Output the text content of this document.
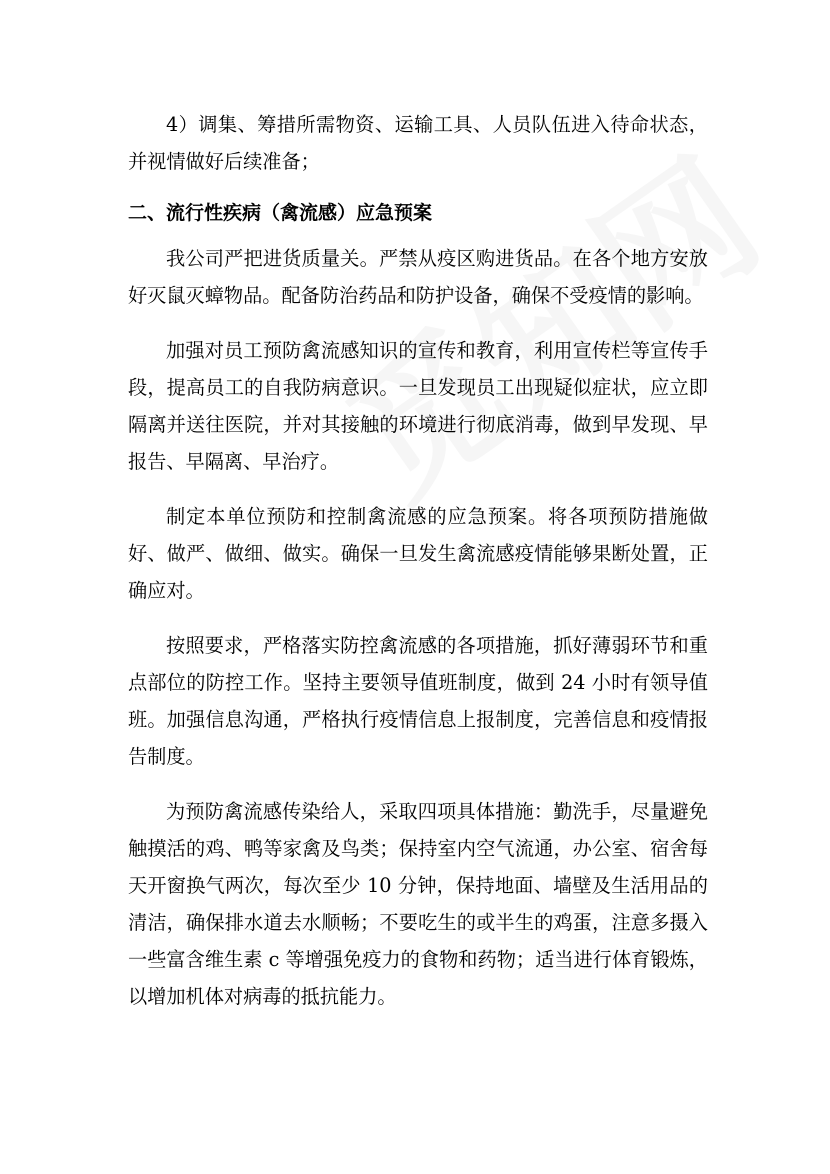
4）调集、筹措所需物资、运输工具、人员队伍进入待命状态，并视情做好后续准备；

二、流行性疾病（禽流感）应急预案

我公司严把进货质量关。严禁从疫区购进货品。在各个地方安放好灭鼠灭蟑物品。配备防治药品和防护设备，确保不受疫情的影响。

加强对员工预防禽流感知识的宣传和教育，利用宣传栏等宣传手段，提高员工的自我防病意识。一旦发现员工出现疑似症状，应立即隔离并送往医院，并对其接触的环境进行彻底消毒，做到早发现、早报告、早隔离、早治疗。

制定本单位预防和控制禽流感的应急预案。将各项预防措施做好、做严、做细、做实。确保一旦发生禽流感疫情能够果断处置，正确应对。

按照要求，严格落实防控禽流感的各项措施，抓好薄弱环节和重点部位的防控工作。坚持主要领导值班制度，做到 24 小时有领导值班。加强信息沟通，严格执行疫情信息上报制度，完善信息和疫情报告制度。

为预防禽流感传染给人，采取四项具体措施：勤洗手，尽量避免触摸活的鸡、鸭等家禽及鸟类；保持室内空气流通，办公室、宿舍每天开窗换气两次，每次至少 10 分钟，保持地面、墙壁及生活用品的清洁，确保排水道去水顺畅；不要吃生的或半生的鸡蛋，注意多摄入一些富含维生素 c 等增强免疫力的食物和药物；适当进行体育锻炼，以增加机体对病毒的抵抗能力。
